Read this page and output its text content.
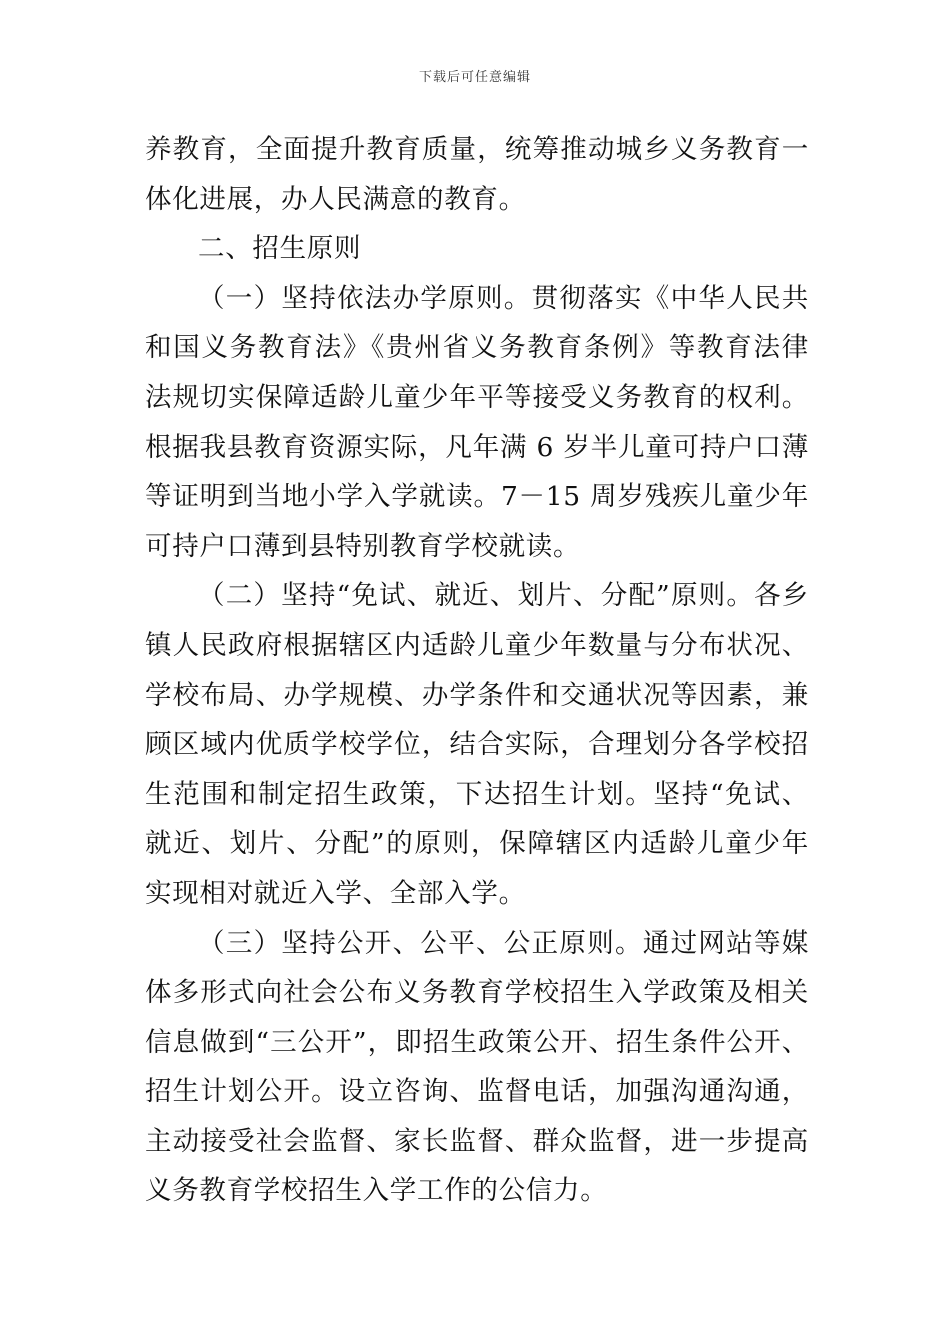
下载后可任意编辑

养教育，全面提升教育质量，统筹推动城乡义务教育一体化进展，办人民满意的教育。

二、招生原则

（一）坚持依法办学原则。贯彻落实《中华人民共和国义务教育法》《贵州省义务教育条例》等教育法律法规切实保障适龄儿童少年平等接受义务教育的权利。根据我县教育资源实际，凡年满 6 岁半儿童可持户口薄等证明到当地小学入学就读。7－15 周岁残疾儿童少年可持户口薄到县特别教育学校就读。

（二）坚持“免试、就近、划片、分配”原则。各乡镇人民政府根据辖区内适龄儿童少年数量与分布状况、学校布局、办学规模、办学条件和交通状况等因素，兼顾区域内优质学校学位，结合实际，合理划分各学校招生范围和制定招生政策，下达招生计划。坚持“免试、就近、划片、分配”的原则，保障辖区内适龄儿童少年实现相对就近入学、全部入学。

（三）坚持公开、公平、公正原则。通过网站等媒体多形式向社会公布义务教育学校招生入学政策及相关信息做到“三公开”，即招生政策公开、招生条件公开、招生计划公开。设立咨询、监督电话，加强沟通沟通，主动接受社会监督、家长监督、群众监督，进一步提高义务教育学校招生入学工作的公信力。
